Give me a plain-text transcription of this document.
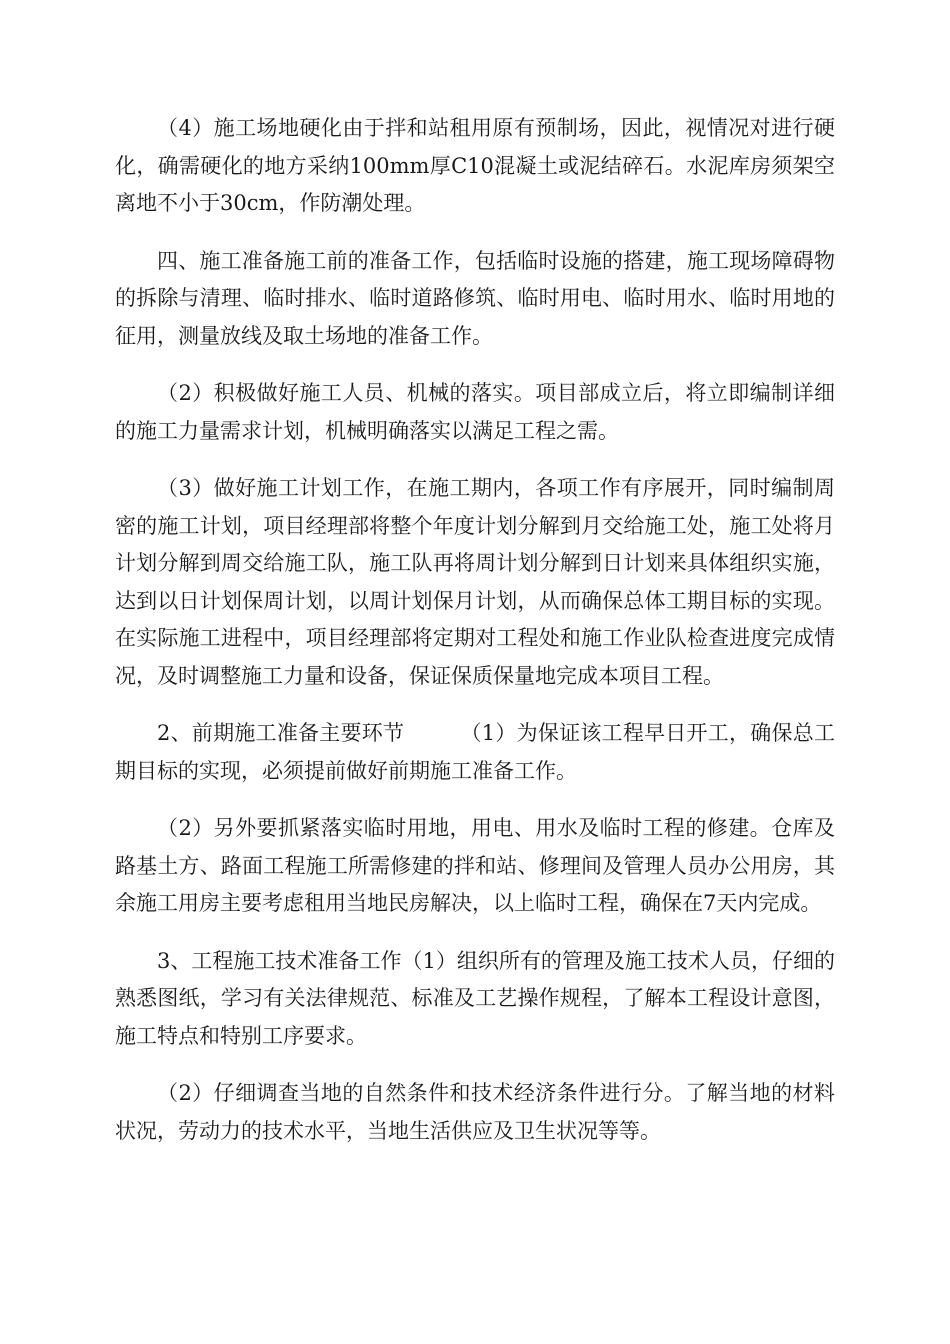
（4）施工场地硬化由于拌和站租用原有预制场，因此，视情况对进行硬化，确需硬化的地方采纳100mm厚C10混凝土或泥结碎石。水泥库房须架空离地不小于30cm，作防潮处理。

四、施工准备施工前的准备工作，包括临时设施的搭建，施工现场障碍物的拆除与清理、临时排水、临时道路修筑、临时用电、临时用水、临时用地的征用，测量放线及取土场地的准备工作。

（2）积极做好施工人员、机械的落实。项目部成立后，将立即编制详细的施工力量需求计划，机械明确落实以满足工程之需。

（3）做好施工计划工作，在施工期内，各项工作有序展开，同时编制周密的施工计划，项目经理部将整个年度计划分解到月交给施工处，施工处将月计划分解到周交给施工队，施工队再将周计划分解到日计划来具体组织实施，达到以日计划保周计划，以周计划保月计划，从而确保总体工期目标的实现。在实际施工进程中，项目经理部将定期对工程处和施工作业队检查进度完成情况，及时调整施工力量和设备，保证保质保量地完成本项目工程。

2、前期施工准备主要环节	（1）为保证该工程早日开工，确保总工期目标的实现，必须提前做好前期施工准备工作。

（2）另外要抓紧落实临时用地，用电、用水及临时工程的修建。仓库及路基土方、路面工程施工所需修建的拌和站、修理间及管理人员办公用房，其余施工用房主要考虑租用当地民房解决，以上临时工程，确保在7天内完成。

3、工程施工技术准备工作（1）组织所有的管理及施工技术人员，仔细的熟悉图纸，学习有关法律规范、标准及工艺操作规程，了解本工程设计意图，施工特点和特别工序要求。

（2）仔细调查当地的自然条件和技术经济条件进行分。了解当地的材料状况，劳动力的技术水平，当地生活供应及卫生状况等等。
